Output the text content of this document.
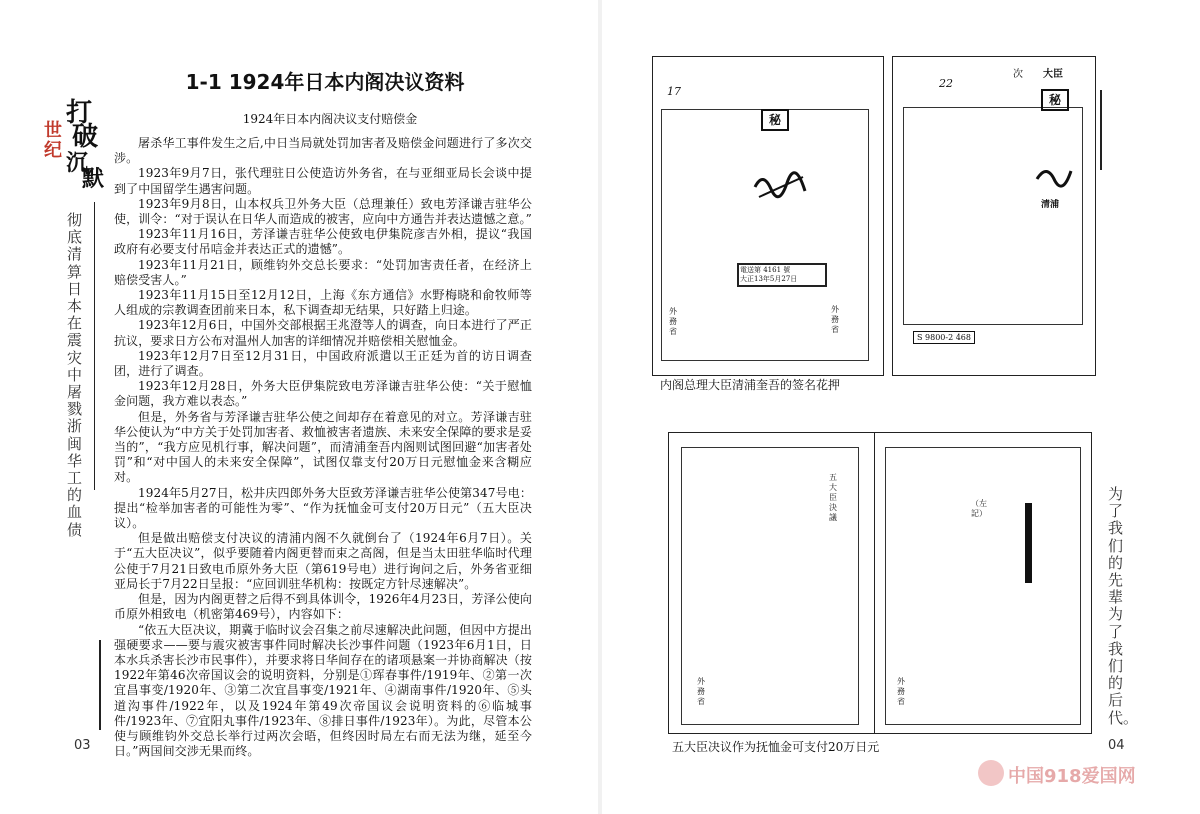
打
世 破
纪 沉
默
彻底清算日本在震灾中屠戮浙闽华工的血债
1-1 1924年日本内阁决议资料
1924年日本内阁决议支付赔偿金

屠杀华工事件发生之后,中日当局就处罚加害者及赔偿金问题进行了多次交涉。

1923年9月7日，张代理驻日公使造访外务省，在与亚细亚局长会谈中提到了中国留学生遇害问题。

1923年9月8日，山本权兵卫外务大臣（总理兼任）致电芳泽谦吉驻华公使，训令：“对于误认在日华人而造成的被害，应向中方通告并表达遗憾之意。”

1923年11月16日，芳泽谦吉驻华公使致电伊集院彦吉外相，提议“我国政府有必要支付吊唁金并表达正式的遗憾”。

1923年11月21日，顾维钧外交总长要求：“处罚加害责任者，在经济上赔偿受害人。”

1923年11月15日至12月12日，上海《东方通信》水野梅晓和俞牧师等人组成的宗教调查团前来日本，私下调查却无结果，只好踏上归途。

1923年12月6日，中国外交部根据王兆澄等人的调查，向日本进行了严正抗议，要求日方公布对温州人加害的详细情况并赔偿相关慰恤金。

1923年12月7日至12月31日，中国政府派遣以王正廷为首的访日调查团，进行了调查。

1923年12月28日，外务大臣伊集院致电芳泽谦吉驻华公使：“关于慰恤金问题，我方难以表态。”

但是，外务省与芳泽谦吉驻华公使之间却存在着意见的对立。芳泽谦吉驻华公使认为“中方关于处罚加害者、救恤被害者遗族、未来安全保障的要求是妥当的”，“我方应见机行事，解决问题”，而清浦奎吾内阁则试图回避“加害者处罚”和“对中国人的未来安全保障”，试图仅靠支付20万日元慰恤金来含糊应对。

1924年5月27日，松井庆四郎外务大臣致芳泽谦吉驻华公使第347号电：提出“检举加害者的可能性为零”、“作为抚恤金可支付20万日元”（五大臣决议）。

但是做出赔偿支付决议的清浦内阁不久就倒台了（1924年6月7日）。关于“五大臣决议”，似乎要随着内阁更替而束之高阁，但是当太田驻华临时代理公使于7月21日致电币原外务大臣（第619号电）进行询问之后，外务省亚细亚局长于7月22日呈报：“应回训驻华机构：按既定方针尽速解决”。

但是，因为内阁更替之后得不到具体训令，1926年4月23日，芳泽公使向币原外相致电（机密第469号），内容如下：

“依五大臣决议，期冀于临时议会召集之前尽速解决此问题，但因中方提出强硬要求——要与震灾被害事件同时解决长沙事件问题（1923年6月1日，日本水兵杀害长沙市民事件），并要求将日华间存在的诸项悬案一并协商解决（按1922年第46次帝国议会的说明资料，分别是①珲春事件/1919年、②第一次宜昌事变/1920年、③第二次宜昌事变/1921年、④湖南事件/1920年、⑤头道沟事件/1922年，以及1924年第49次帝国议会说明资料的⑥临城事件/1923年、⑦宜阳丸事件/1923年、⑧排日事件/1923年）。为此，尽管本公使与顾维钧外交总长举行过两次会晤，但终因时局左右而无法为继，延至今日。”两国间交涉无果而终。

03
17
秘
電送第 4161 號
大正13年5月27日
外務省
外務省
22
次 大臣
秘
清浦
S 9800-2 468
内阁总理大臣清浦奎吾的签名花押
五大臣決議
外務省
（左記）
外務省
五大臣决议作为抚恤金可支付20万日元	04
为了我们的先辈 为了我们的后代。
中国918爱国网
